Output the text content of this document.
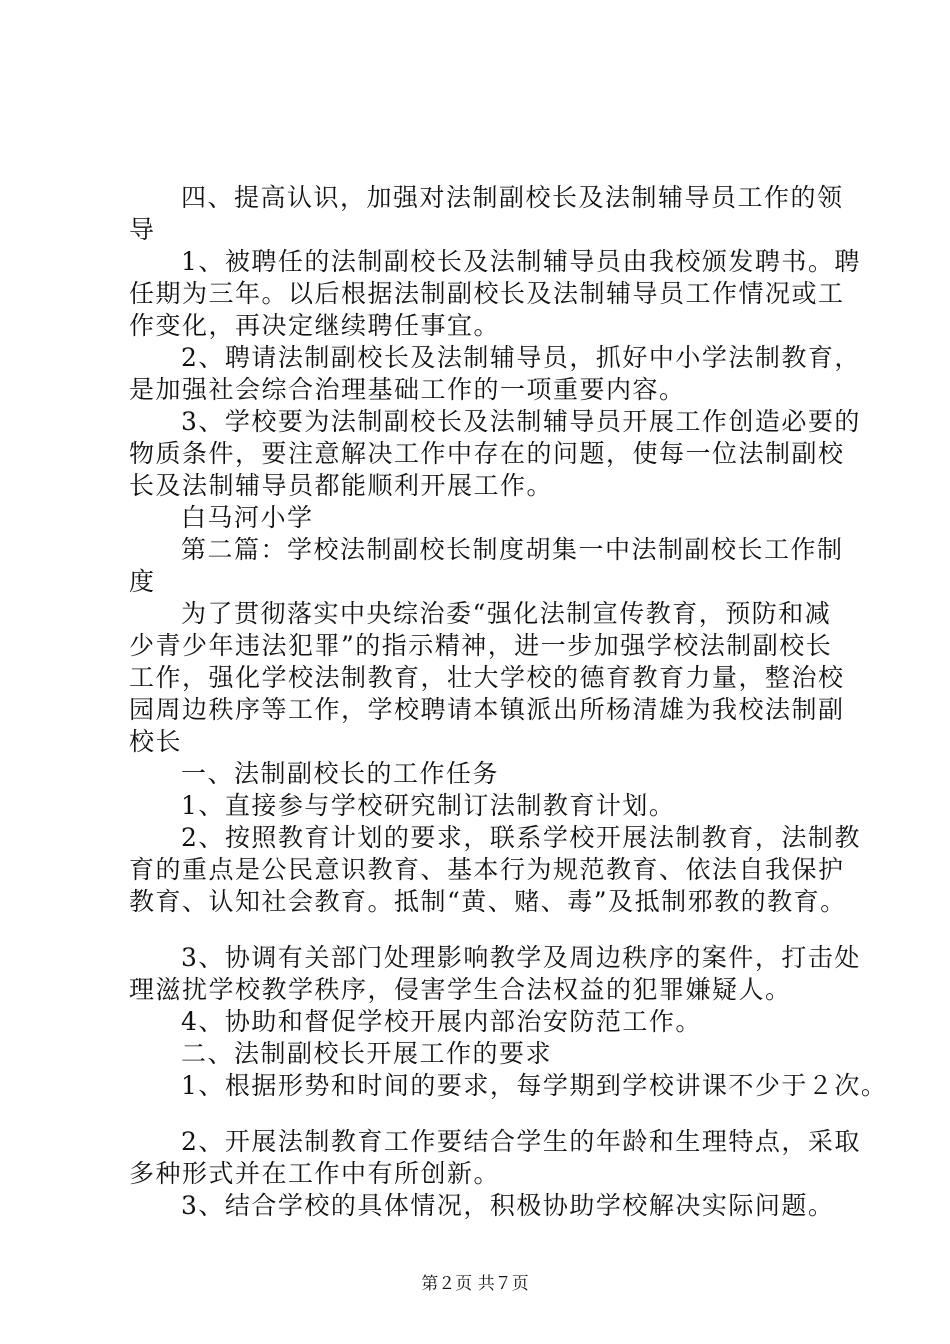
四、提高认识，加强对法制副校长及法制辅导员工作的领
导
1、被聘任的法制副校长及法制辅导员由我校颁发聘书。聘
任期为三年。以后根据法制副校长及法制辅导员工作情况或工
作变化，再决定继续聘任事宜。
2、聘请法制副校长及法制辅导员，抓好中小学法制教育，
是加强社会综合治理基础工作的一项重要内容。
3、学校要为法制副校长及法制辅导员开展工作创造必要的
物质条件，要注意解决工作中存在的问题，使每一位法制副校
长及法制辅导员都能顺利开展工作。
白马河小学
第二篇：学校法制副校长制度胡集一中法制副校长工作制
度
为了贯彻落实中央综治委“强化法制宣传教育，预防和减
少青少年违法犯罪”的指示精神，进一步加强学校法制副校长
工作，强化学校法制教育，壮大学校的德育教育力量，整治校
园周边秩序等工作，学校聘请本镇派出所杨清雄为我校法制副
校长
一、法制副校长的工作任务
1、直接参与学校研究制订法制教育计划。
2、按照教育计划的要求，联系学校开展法制教育，法制教
育的重点是公民意识教育、基本行为规范教育、依法自我保护
教育、认知社会教育。抵制“黄、赌、毒”及抵制邪教的教育。
3、协调有关部门处理影响教学及周边秩序的案件，打击处
理滋扰学校教学秩序，侵害学生合法权益的犯罪嫌疑人。
4、协助和督促学校开展内部治安防范工作。
二、法制副校长开展工作的要求
1、根据形势和时间的要求，每学期到学校讲课不少于２次。
2、开展法制教育工作要结合学生的年龄和生理特点，采取
多种形式并在工作中有所创新。
3、结合学校的具体情况，积极协助学校解决实际问题。
第２页 共７页
